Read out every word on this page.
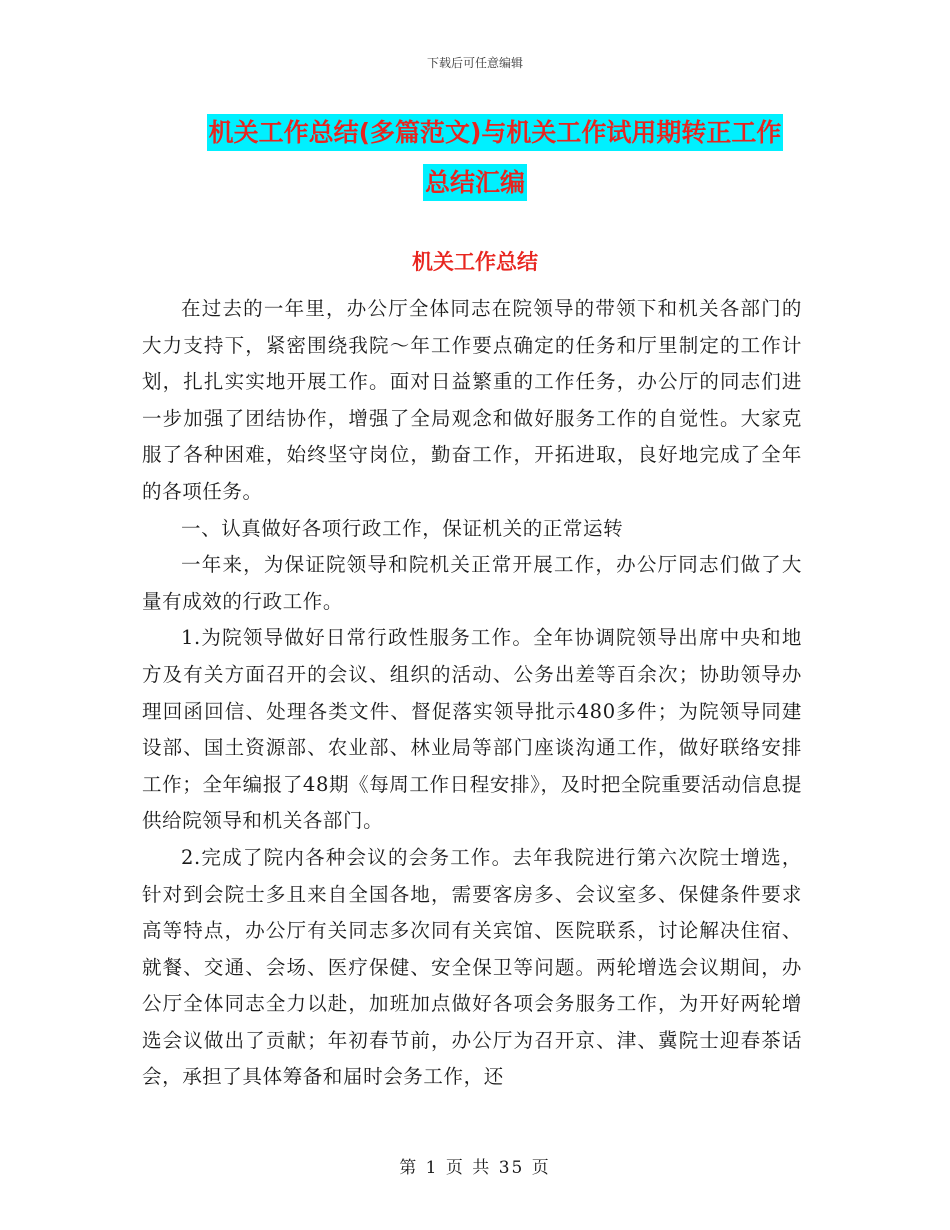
下载后可任意编辑
机关工作总结(多篇范文)与机关工作试用期转正工作
总结汇编
机关工作总结

在过去的一年里，办公厅全体同志在院领导的带领下和机关各部门的大力支持下，紧密围绕我院～年工作要点确定的任务和厅里制定的工作计划，扎扎实实地开展工作。面对日益繁重的工作任务，办公厅的同志们进一步加强了团结协作，增强了全局观念和做好服务工作的自觉性。大家克服了各种困难，始终坚守岗位，勤奋工作，开拓进取，良好地完成了全年的各项任务。

一、认真做好各项行政工作，保证机关的正常运转

一年来，为保证院领导和院机关正常开展工作，办公厅同志们做了大量有成效的行政工作。

1.为院领导做好日常行政性服务工作。全年协调院领导出席中央和地方及有关方面召开的会议、组织的活动、公务出差等百余次；协助领导办理回函回信、处理各类文件、督促落实领导批示480多件；为院领导同建设部、国土资源部、农业部、林业局等部门座谈沟通工作，做好联络安排工作；全年编报了48期《每周工作日程安排》，及时把全院重要活动信息提供给院领导和机关各部门。

2.完成了院内各种会议的会务工作。去年我院进行第六次院士增选，针对到会院士多且来自全国各地，需要客房多、会议室多、保健条件要求高等特点，办公厅有关同志多次同有关宾馆、医院联系，讨论解决住宿、就餐、交通、会场、医疗保健、安全保卫等问题。两轮增选会议期间，办公厅全体同志全力以赴，加班加点做好各项会务服务工作，为开好两轮增选会议做出了贡献；年初春节前，办公厅为召开京、津、冀院士迎春茶话会，承担了具体筹备和届时会务工作，还

第 1 页 共 35 页
